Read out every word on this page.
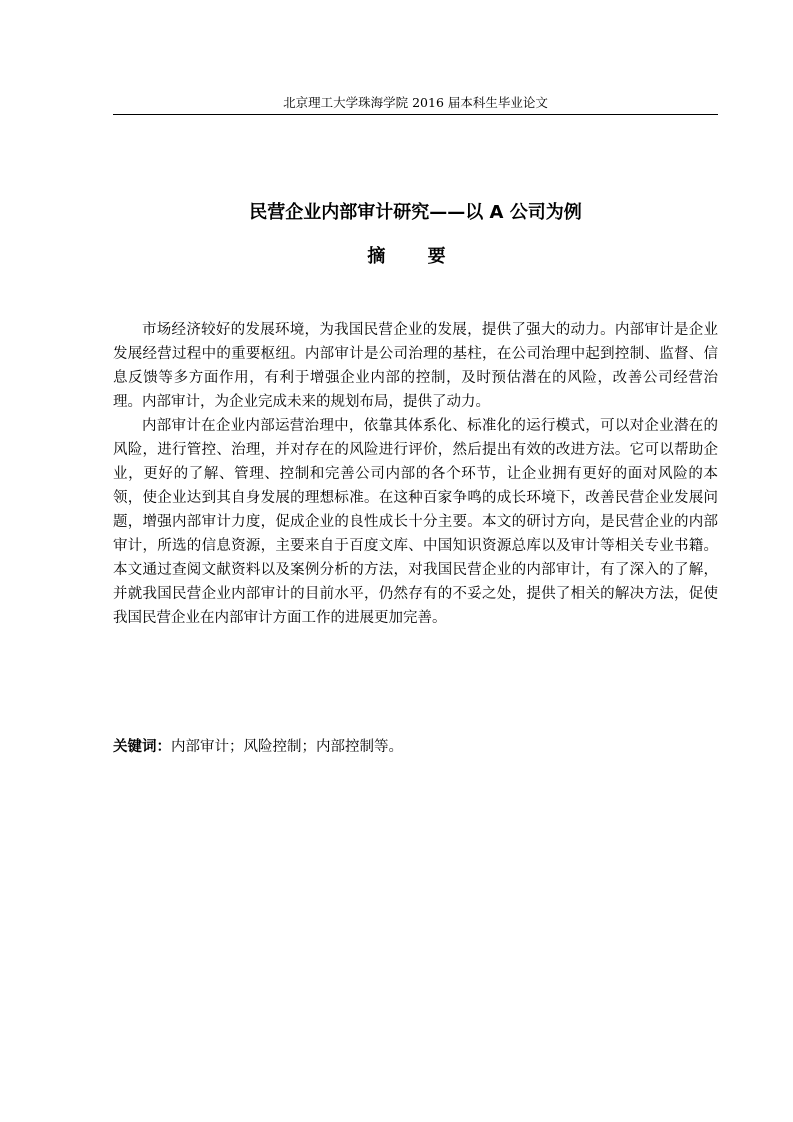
北京理工大学珠海学院 2016 届本科生毕业论文
民营企业内部审计研究——以 A 公司为例
摘 要

市场经济较好的发展环境，为我国民营企业的发展，提供了强大的动力。内部审计是企业发展经营过程中的重要枢纽。内部审计是公司治理的基柱，在公司治理中起到控制、监督、信息反馈等多方面作用，有利于增强企业内部的控制，及时预估潜在的风险，改善公司经营治理。内部审计，为企业完成未来的规划布局，提供了动力。

内部审计在企业内部运营治理中，依靠其体系化、标准化的运行模式，可以对企业潜在的风险，进行管控、治理，并对存在的风险进行评价，然后提出有效的改进方法。它可以帮助企业，更好的了解、管理、控制和完善公司内部的各个环节，让企业拥有更好的面对风险的本领，使企业达到其自身发展的理想标准。在这种百家争鸣的成长环境下，改善民营企业发展问题，增强内部审计力度，促成企业的良性成长十分主要。本文的研讨方向，是民营企业的内部审计，所选的信息资源，主要来自于百度文库、中国知识资源总库以及审计等相关专业书籍。本文通过查阅文献资料以及案例分析的方法，对我国民营企业的内部审计，有了深入的了解，并就我国民营企业内部审计的目前水平，仍然存有的不妥之处，提供了相关的解决方法，促使我国民营企业在内部审计方面工作的进展更加完善。

关键词：内部审计；风险控制；内部控制等。
